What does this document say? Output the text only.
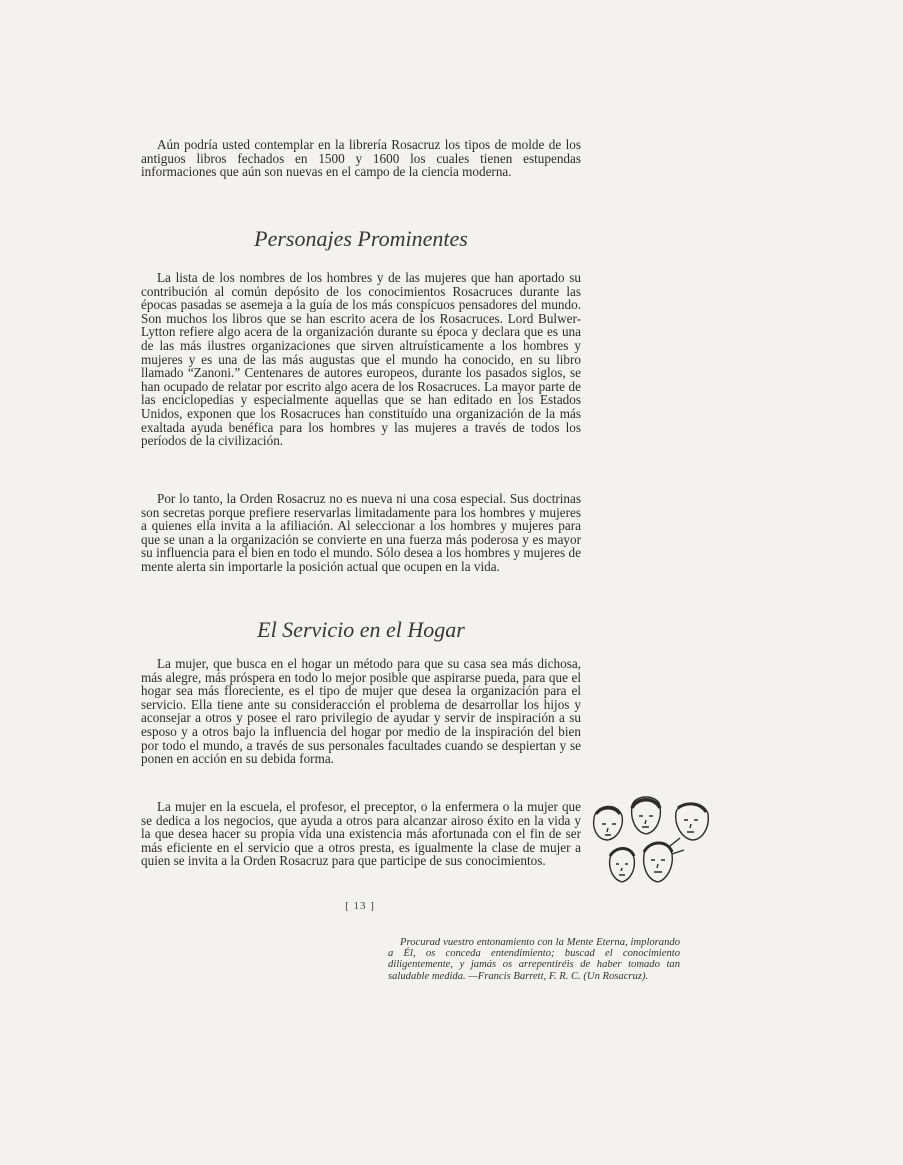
Aún podría usted contemplar en la librería Rosacruz los tipos de molde de los antiguos libros fechados en 1500 y 1600 los cuales tienen estupendas informaciones que aún son nuevas en el campo de la ciencia moderna.

Personajes Prominentes

La lista de los nombres de los hombres y de las mujeres que han aportado su contribución al común depósito de los conocimientos Rosacruces durante las épocas pasadas se asemeja a la guía de los más conspícuos pensadores del mundo. Son muchos los libros que se han escrito acera de los Rosacruces. Lord Bulwer-Lytton refiere algo acera de la organización durante su época y declara que es una de las más ilustres organizaciones que sirven altruísticamente a los hombres y mujeres y es una de las más augustas que el mundo ha conocido, en su libro llamado “Zanoni.” Centenares de autores europeos, durante los pasados siglos, se han ocupado de relatar por escrito algo acera de los Rosacruces. La mayor parte de las enciclopedias y especialmente aquellas que se han editado en los Estados Unidos, exponen que los Rosacruces han constituído una organización de la más exaltada ayuda benéfica para los hombres y las mujeres a través de todos los períodos de la civilización.

Por lo tanto, la Orden Rosacruz no es nueva ni una cosa especial. Sus doctrinas son secretas porque prefiere reservarlas limitadamente para los hombres y mujeres a quienes ella invita a la afiliación. Al seleccionar a los hombres y mujeres para que se unan a la organización se convierte en una fuerza más poderosa y es mayor su influencia para el bien en todo el mundo. Sólo desea a los hombres y mujeres de mente alerta sin importarle la posición actual que ocupen en la vida.

El Servicio en el Hogar

La mujer, que busca en el hogar un método para que su casa sea más dichosa, más alegre, más próspera en todo lo mejor posible que aspirarse pueda, para que el hogar sea más floreciente, es el tipo de mujer que desea la organización para el servicio. Ella tiene ante su consideracción el problema de desarrollar los hijos y aconsejar a otros y posee el raro privilegio de ayudar y servir de inspiración a su esposo y a otros bajo la influencia del hogar por medio de la inspiración del bien por todo el mundo, a través de sus personales facultades cuando se despiertan y se ponen en acción en su debida forma.

La mujer en la escuela, el profesor, el preceptor, o la enfermera o la mujer que se dedica a los negocios, que ayuda a otros para alcanzar airoso éxito en la vida y la que desea hacer su propia vida una existencia más afortunada con el fin de ser más eficiente en el servicio que a otros presta, es igualmente la clase de mujer a quien se invita a la Orden Rosacruz para que participe de sus conocimientos.

[ 13 ]

Procurad vuestro entonamiento con la Mente Eterna, implorando a Él, os conceda entendimiento; buscad el conocimiento diligentemente, y jamás os arrepentiréis de haber tomado tan saludable medida. —Francis Barrett, F. R. C. (Un Rosacruz).
